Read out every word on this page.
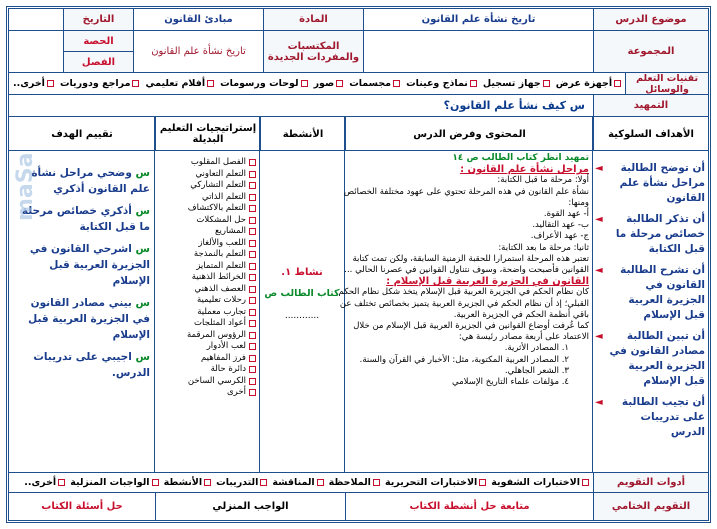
موضوع الدرس
تاريخ نشأة علم القانون
المادة
مبادئ القانون
التاريخ
المجموعة
المكتسبات والمفردات الجديدة
تاريخ نشأة علم القانون
الحصة
الفصل
تقنيات التعلم والوسائل
أجهزة عرض
جهاز تسجيل
نماذج وعينات
مجسمات
صور
لوحات ورسومات
أفلام تعليمي
مراجع ودوريات
أخرى..
التمهيد
س كيف نشأ علم القانون؟
الأهداف السلوكية
المحتوى وفرض الدرس
الأنشطة
إستراتيجيات التعليم البديلة
تقييم الهدف
أن توضح الطالبة مراحل نشأة علم القانون
◄
أن تذكر الطالبة خصائص مرحلة ما قبل الكتابة
◄
أن تشرح الطالبة القانون في الجزيرة العربية قبل الإسلام
◄
أن تبين الطالبة مصادر القانون في الجزيرة العربية قبل الإسلام
◄
أن تجيب الطالبة على تدريبات الدرس
◄
تمهيد انظر كتاب الطالب ص ١٤
مراحل نشأة علم القانون :
أولا: مرحلة ما قبل الكتابة:
نشأة علم القانون في هذه المرحلة تحتوي على عهود مختلفة الخصائص
ومنها:
أ- عهد القوة.
ب- عهد التقاليد.
ج- عهد الأعراف.
ثانيا: مرحلة ما بعد الكتابة:
تعتبر هذه المرحلة استمرارا للحقبة الزمنية السابقة، ولكن تمت كتابة
القوانين فأصبحت واضحة، وسوف نتناول القوانين في عصرنا الحالي ...
القانون في الجزيرة العربية قبل الإسلام :
كان نظام الحكم في الجزيرة العربية قبل الإسلام يتخذ شكل نظام الحكم
القبلي؛ إذ أن نظام الحكم في الجزيرة العربية يتميز بخصائص تختلف عن
باقي أنظمة الحكم في الجزيرة العربية.
كما عُرفت أوضاع القوانين في الجزيرة العربية قبل الإسلام من خلال
الاعتماد على أربعة مصادر رئيسة هي:
١. المصادر الأثرية.
٢. المصادر العربية المكتوبة، مثل: الأخبار في القرآن والسنة.
٣. الشعر الجاهلي.
٤. مؤلفات علماء التاريخ الإسلامي
نشاط ١.
كتاب الطالب ص
............
الفصل المقلوب
التعلم التعاوني
التعلم التشاركي
التعلم الذاتي
التعلم بالاكتشاف
حل المشكلات
المشاريع
اللعب والألغاز
التعلم بالنمذجة
التعلم المتمايز
الخرائط الذهنية
العصف الذهني
رحلات تعليمية
تجارب معملية
أعواد المثلجات
الرؤوس المرقمة
لعب الأدوار
فرز المفاهيم
دائرة حالة
الكرسي الساخن
أخرى
س وضحي مراحل نشأة علم القانون أذكري
س أذكري خصائص مرحلة ما قبل الكتابة
س اشرحي القانون في الجزيرة العربية قبل الإسلام
س بيني مصادر القانون في الجزيرة العربية قبل الإسلام
س اجيبي على تدريبات الدرس.
maSa
أدوات التقويم
الاختبارات الشفوية
الاختبارات التحريرية
الملاحظة
المناقشة
التدريبات
الأنشطة
الواجبات المنزلية
أخرى..
التقويم الختامي
متابعة حل أنشطة الكتاب
الواجب المنزلي
حل أسئلة الكتاب
